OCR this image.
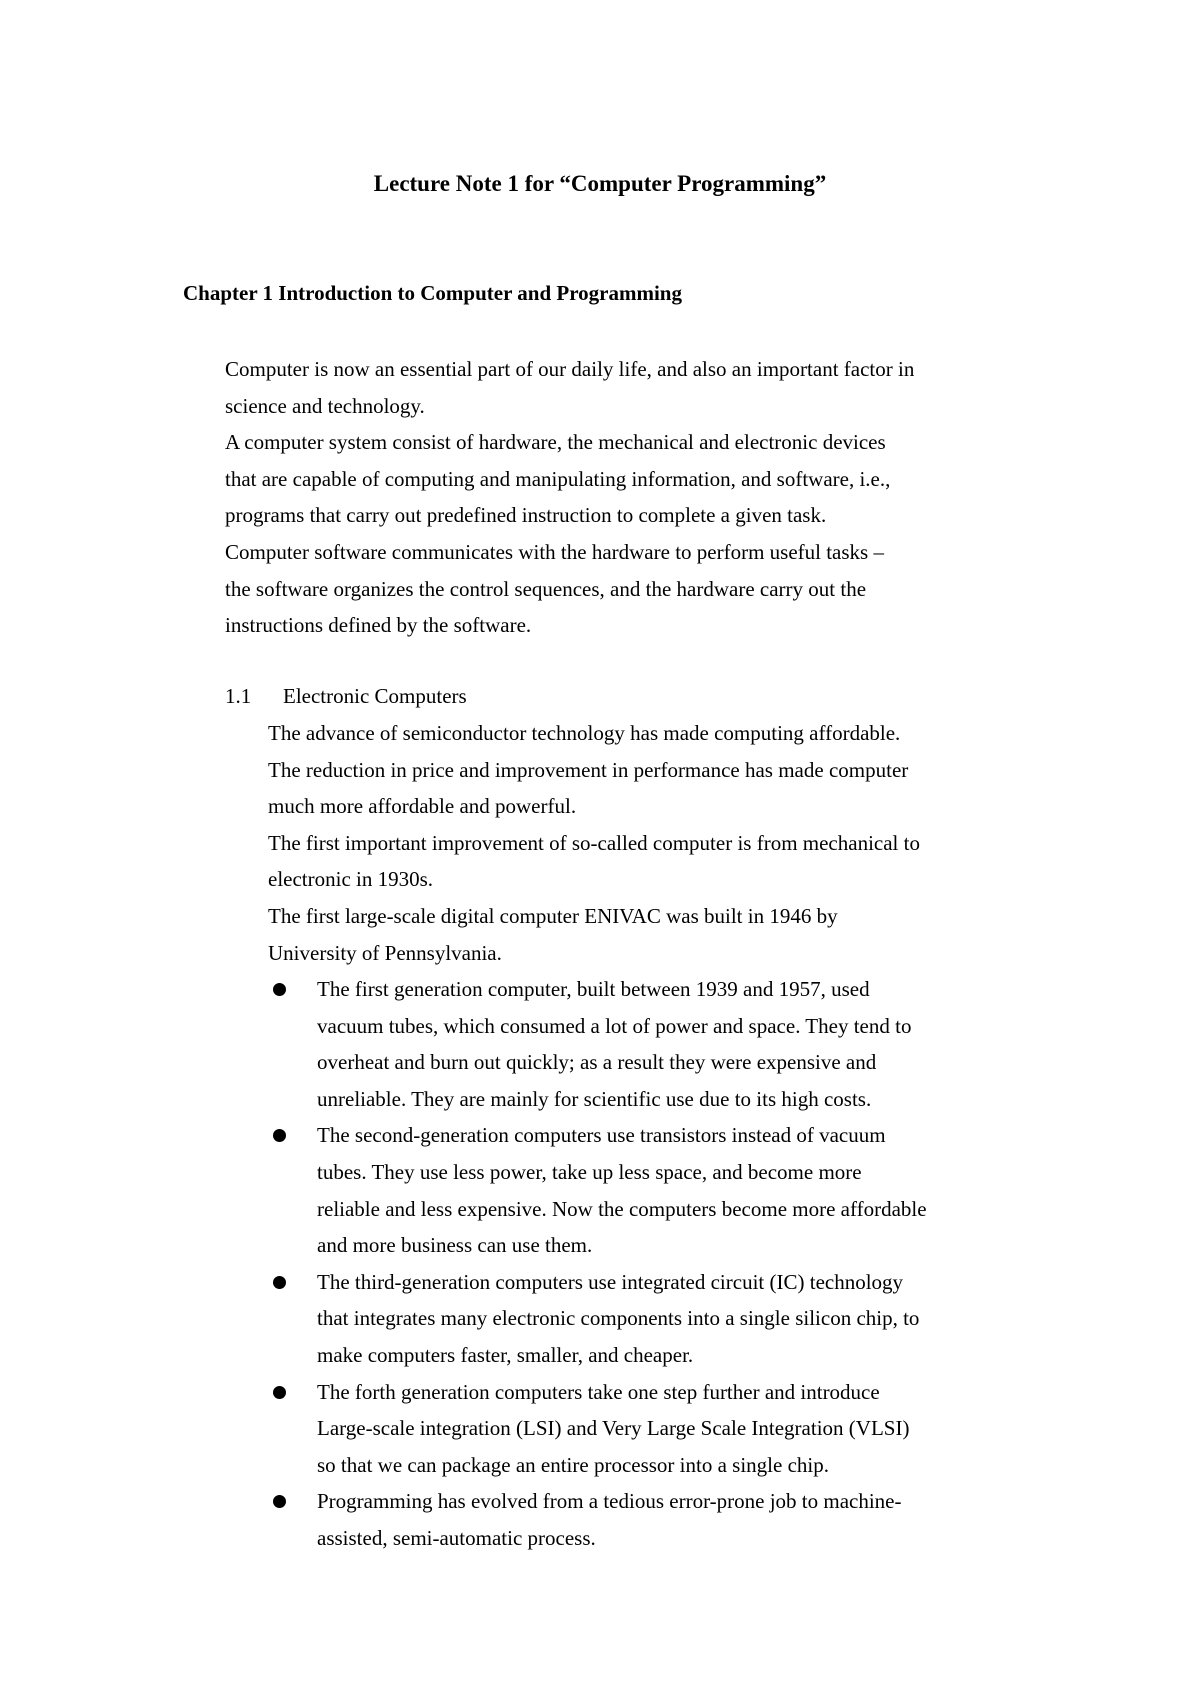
Lecture Note 1 for “Computer Programming”
Chapter 1 Introduction to Computer and Programming

Computer is now an essential part of our daily life, and also an important factor in
science and technology.
A computer system consist of hardware, the mechanical and electronic devices
that are capable of computing and manipulating information, and software, i.e.,
programs that carry out predefined instruction to complete a given task.
Computer software communicates with the hardware to perform useful tasks –
the software organizes the control sequences, and the hardware carry out the
instructions defined by the software.

1.1 Electronic Computers

The advance of semiconductor technology has made computing affordable.
The reduction in price and improvement in performance has made computer
much more affordable and powerful.
The first important improvement of so-called computer is from mechanical to
electronic in 1930s.
The first large-scale digital computer ENIVAC was built in 1946 by
University of Pennsylvania.

The first generation computer, built between 1939 and 1957, used
vacuum tubes, which consumed a lot of power and space. They tend to
overheat and burn out quickly; as a result they were expensive and
unreliable. They are mainly for scientific use due to its high costs.
The second-generation computers use transistors instead of vacuum
tubes. They use less power, take up less space, and become more
reliable and less expensive. Now the computers become more affordable
and more business can use them.
The third-generation computers use integrated circuit (IC) technology
that integrates many electronic components into a single silicon chip, to
make computers faster, smaller, and cheaper.
The forth generation computers take one step further and introduce
Large-scale integration (LSI) and Very Large Scale Integration (VLSI)
so that we can package an entire processor into a single chip.
Programming has evolved from a tedious error-prone job to machine-
assisted, semi-automatic process.
